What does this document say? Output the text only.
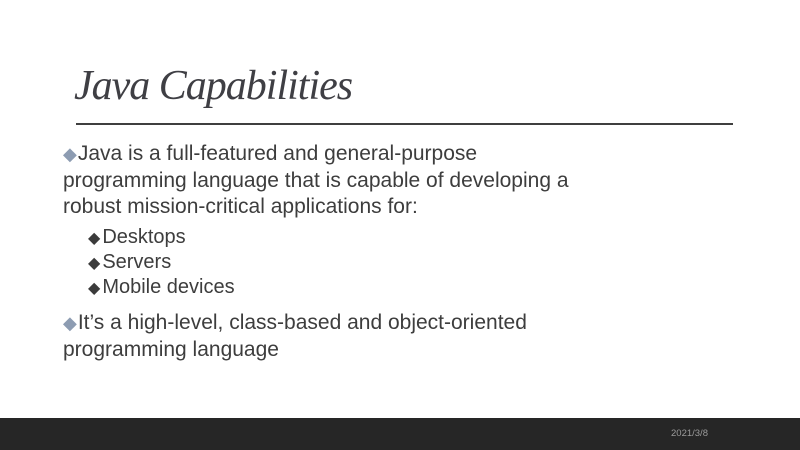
Java Capabilities
◆Java is a full-featured and general-purpose
programming language that is capable of developing a
robust mission-critical applications for:
◆ Desktops
◆ Servers
◆ Mobile devices
◆It’s a high-level, class-based and object-oriented
programming language
2021/3/8
